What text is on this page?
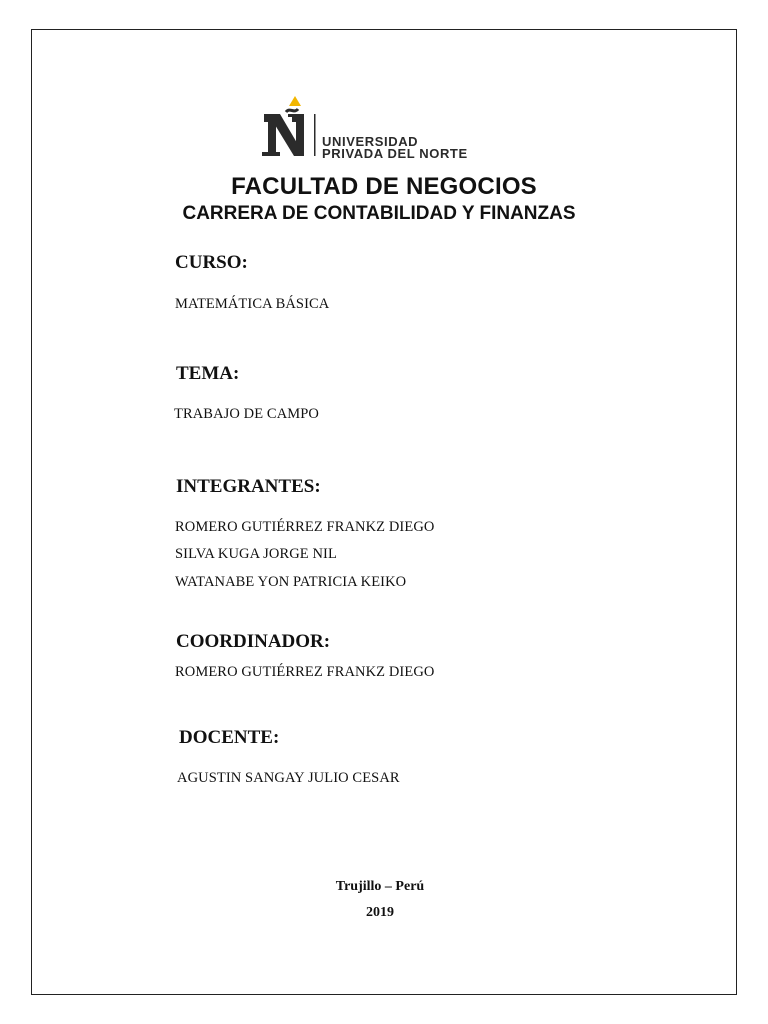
UNIVERSIDAD
PRIVADA DEL NORTE
FACULTAD DE NEGOCIOS
CARRERA DE CONTABILIDAD Y FINANZAS
CURSO:
MATEMÁTICA BÁSICA
TEMA:
TRABAJO DE CAMPO
INTEGRANTES:
ROMERO GUTIÉRREZ FRANKZ DIEGO
SILVA KUGA JORGE NIL
WATANABE YON PATRICIA KEIKO
COORDINADOR:
ROMERO GUTIÉRREZ FRANKZ DIEGO
DOCENTE:
AGUSTIN SANGAY JULIO CESAR
Trujillo – Perú
2019
